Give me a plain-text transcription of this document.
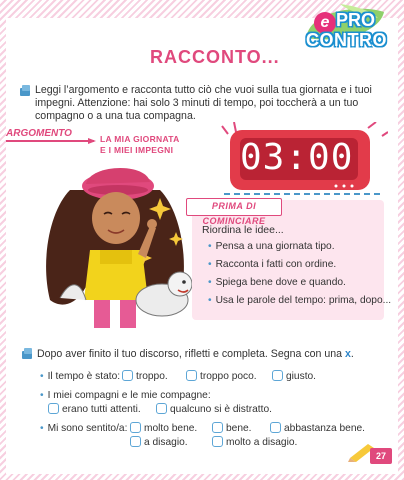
e PRO
CONTRO
RACCONTO...
Leggi l’argomento e racconta tutto ciò che vuoi sulla tua giornata e i tuoi impegni. Attenzione: hai solo 3 minuti di tempo, poi toccherà a un tuo compagno o a una tua compagna.
ARGOMENTO	LA MIA GIORNATA
E I MIEI IMPEGNI	03:00
PRIMA DI COMINCIARE
Riordina le idee...
• Pensa a una giornata tipo.
• Racconta i fatti con ordine.
• Spiega bene dove e quando.
• Usa le parole del tempo: prima, dopo...
Dopo aver finito il tuo discorso, rifletti e completa. Segna con una x.
• Il tempo è stato:	troppo.	troppo poco.	giusto.
• I miei compagni e le mie compagne:
erano tutti attenti.	qualcuno si è distratto.
• Mi sono sentito/a:	molto bene.	bene.	abbastanza bene.
a disagio.	molto a disagio.
27
